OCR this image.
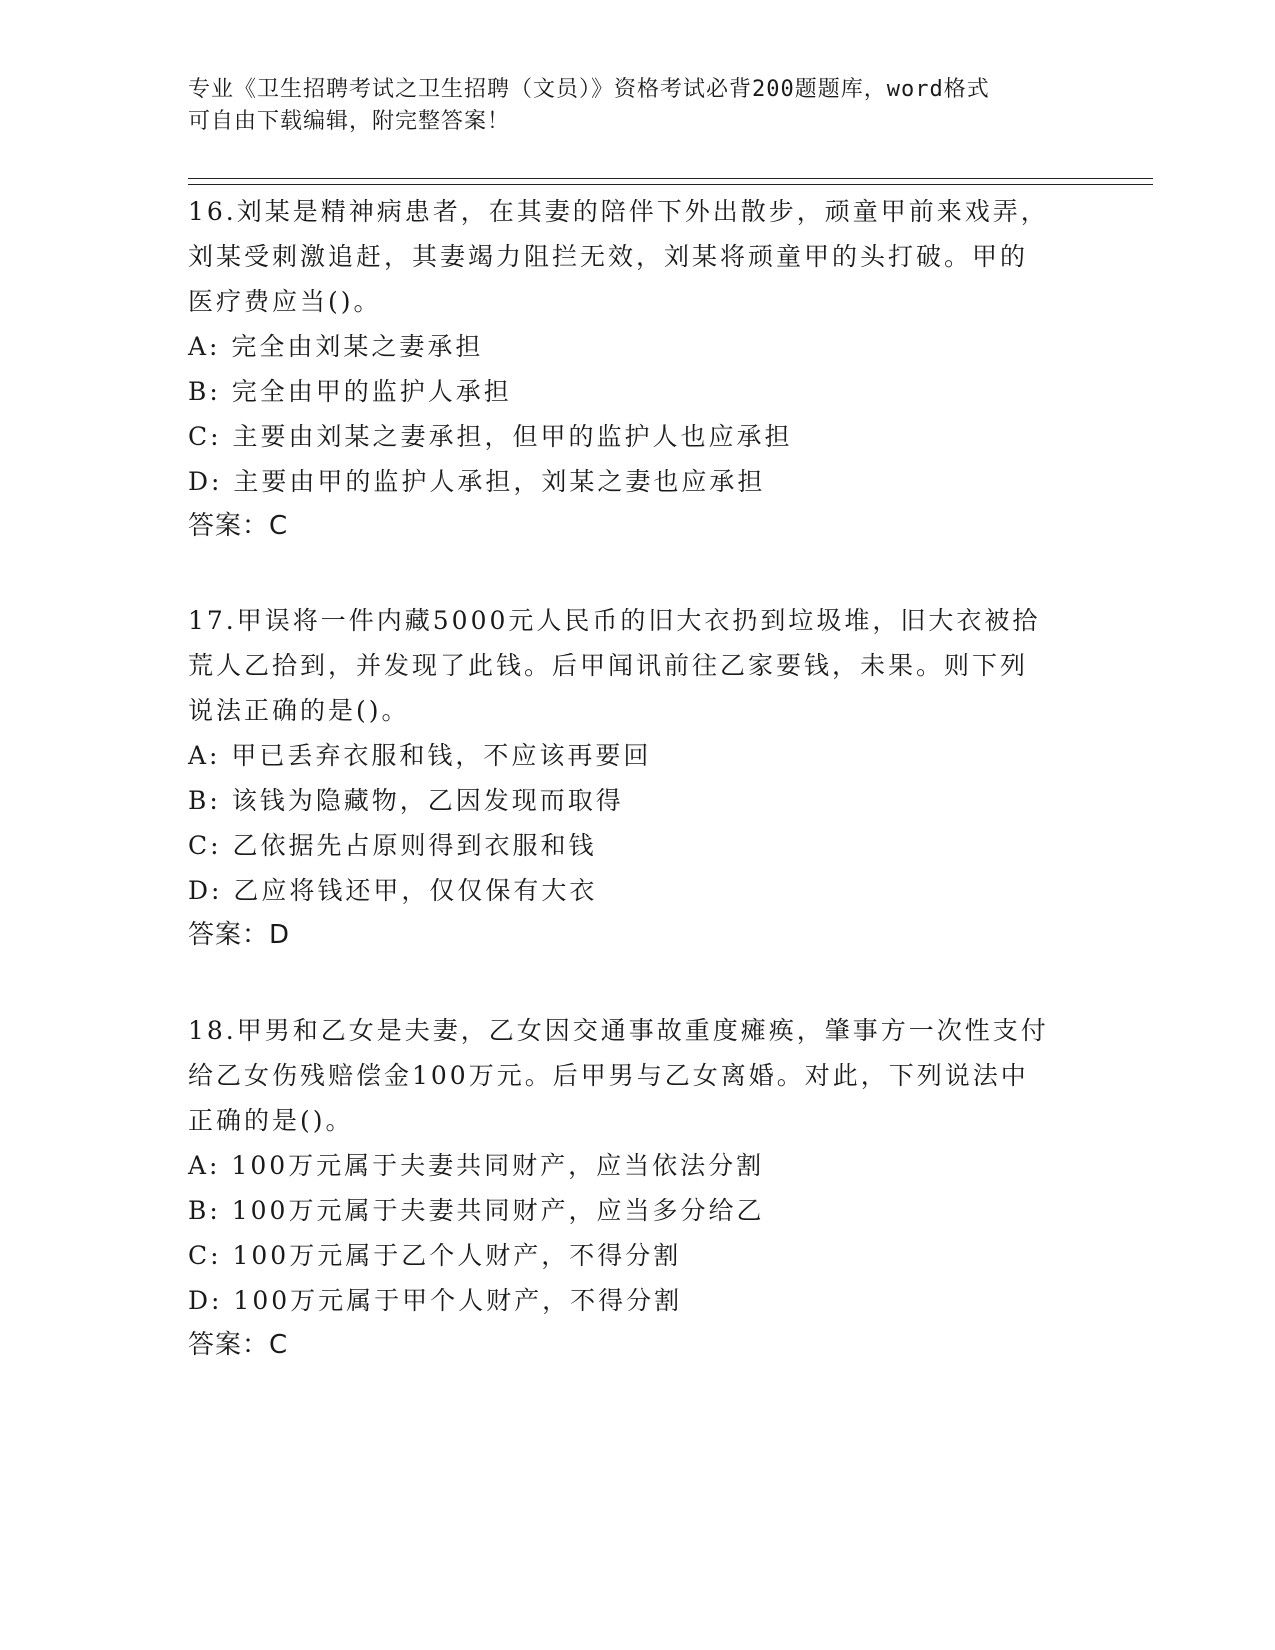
专业《卫生招聘考试之卫生招聘（文员）》资格考试必背200题题库，word格式
可自由下载编辑，附完整答案！
16.刘某是精神病患者，在其妻的陪伴下外出散步，顽童甲前来戏弄，
刘某受刺激追赶，其妻竭力阻拦无效，刘某将顽童甲的头打破。甲的
医疗费应当()。
A: 完全由刘某之妻承担
B: 完全由甲的监护人承担
C: 主要由刘某之妻承担，但甲的监护人也应承担
D: 主要由甲的监护人承担，刘某之妻也应承担
答案：C
17.甲误将一件内藏5000元人民币的旧大衣扔到垃圾堆，旧大衣被拾
荒人乙拾到，并发现了此钱。后甲闻讯前往乙家要钱，未果。则下列
说法正确的是()。
A: 甲已丢弃衣服和钱，不应该再要回
B: 该钱为隐藏物，乙因发现而取得
C: 乙依据先占原则得到衣服和钱
D: 乙应将钱还甲，仅仅保有大衣
答案：D
18.甲男和乙女是夫妻，乙女因交通事故重度瘫痪，肇事方一次性支付
给乙女伤残赔偿金100万元。后甲男与乙女离婚。对此，下列说法中
正确的是()。
A: 100万元属于夫妻共同财产，应当依法分割
B: 100万元属于夫妻共同财产，应当多分给乙
C: 100万元属于乙个人财产，不得分割
D: 100万元属于甲个人财产，不得分割
答案：C
